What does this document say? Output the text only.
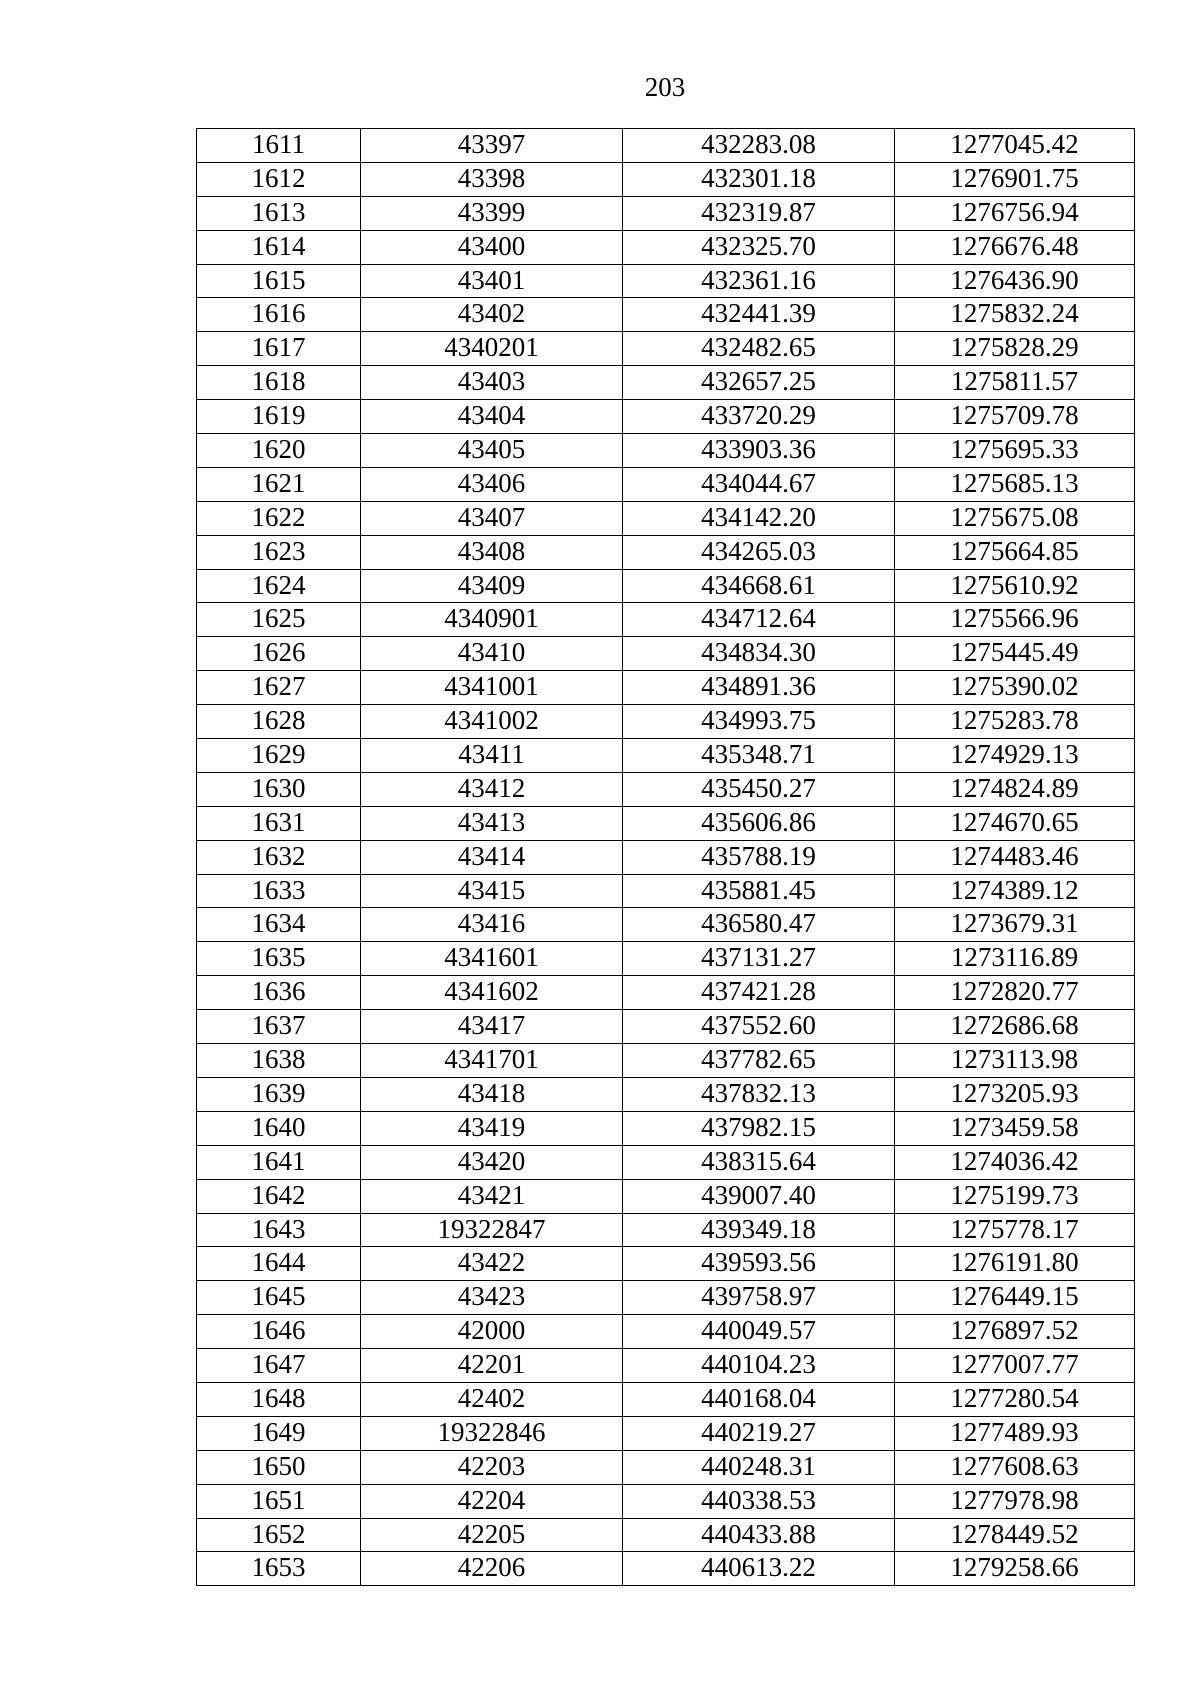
203
1611	43397	432283.08	1277045.42
1612	43398	432301.18	1276901.75
1613	43399	432319.87	1276756.94
1614	43400	432325.70	1276676.48
1615	43401	432361.16	1276436.90
1616	43402	432441.39	1275832.24
1617	4340201	432482.65	1275828.29
1618	43403	432657.25	1275811.57
1619	43404	433720.29	1275709.78
1620	43405	433903.36	1275695.33
1621	43406	434044.67	1275685.13
1622	43407	434142.20	1275675.08
1623	43408	434265.03	1275664.85
1624	43409	434668.61	1275610.92
1625	4340901	434712.64	1275566.96
1626	43410	434834.30	1275445.49
1627	4341001	434891.36	1275390.02
1628	4341002	434993.75	1275283.78
1629	43411	435348.71	1274929.13
1630	43412	435450.27	1274824.89
1631	43413	435606.86	1274670.65
1632	43414	435788.19	1274483.46
1633	43415	435881.45	1274389.12
1634	43416	436580.47	1273679.31
1635	4341601	437131.27	1273116.89
1636	4341602	437421.28	1272820.77
1637	43417	437552.60	1272686.68
1638	4341701	437782.65	1273113.98
1639	43418	437832.13	1273205.93
1640	43419	437982.15	1273459.58
1641	43420	438315.64	1274036.42
1642	43421	439007.40	1275199.73
1643	19322847	439349.18	1275778.17
1644	43422	439593.56	1276191.80
1645	43423	439758.97	1276449.15
1646	42000	440049.57	1276897.52
1647	42201	440104.23	1277007.77
1648	42402	440168.04	1277280.54
1649	19322846	440219.27	1277489.93
1650	42203	440248.31	1277608.63
1651	42204	440338.53	1277978.98
1652	42205	440433.88	1278449.52
1653	42206	440613.22	1279258.66
